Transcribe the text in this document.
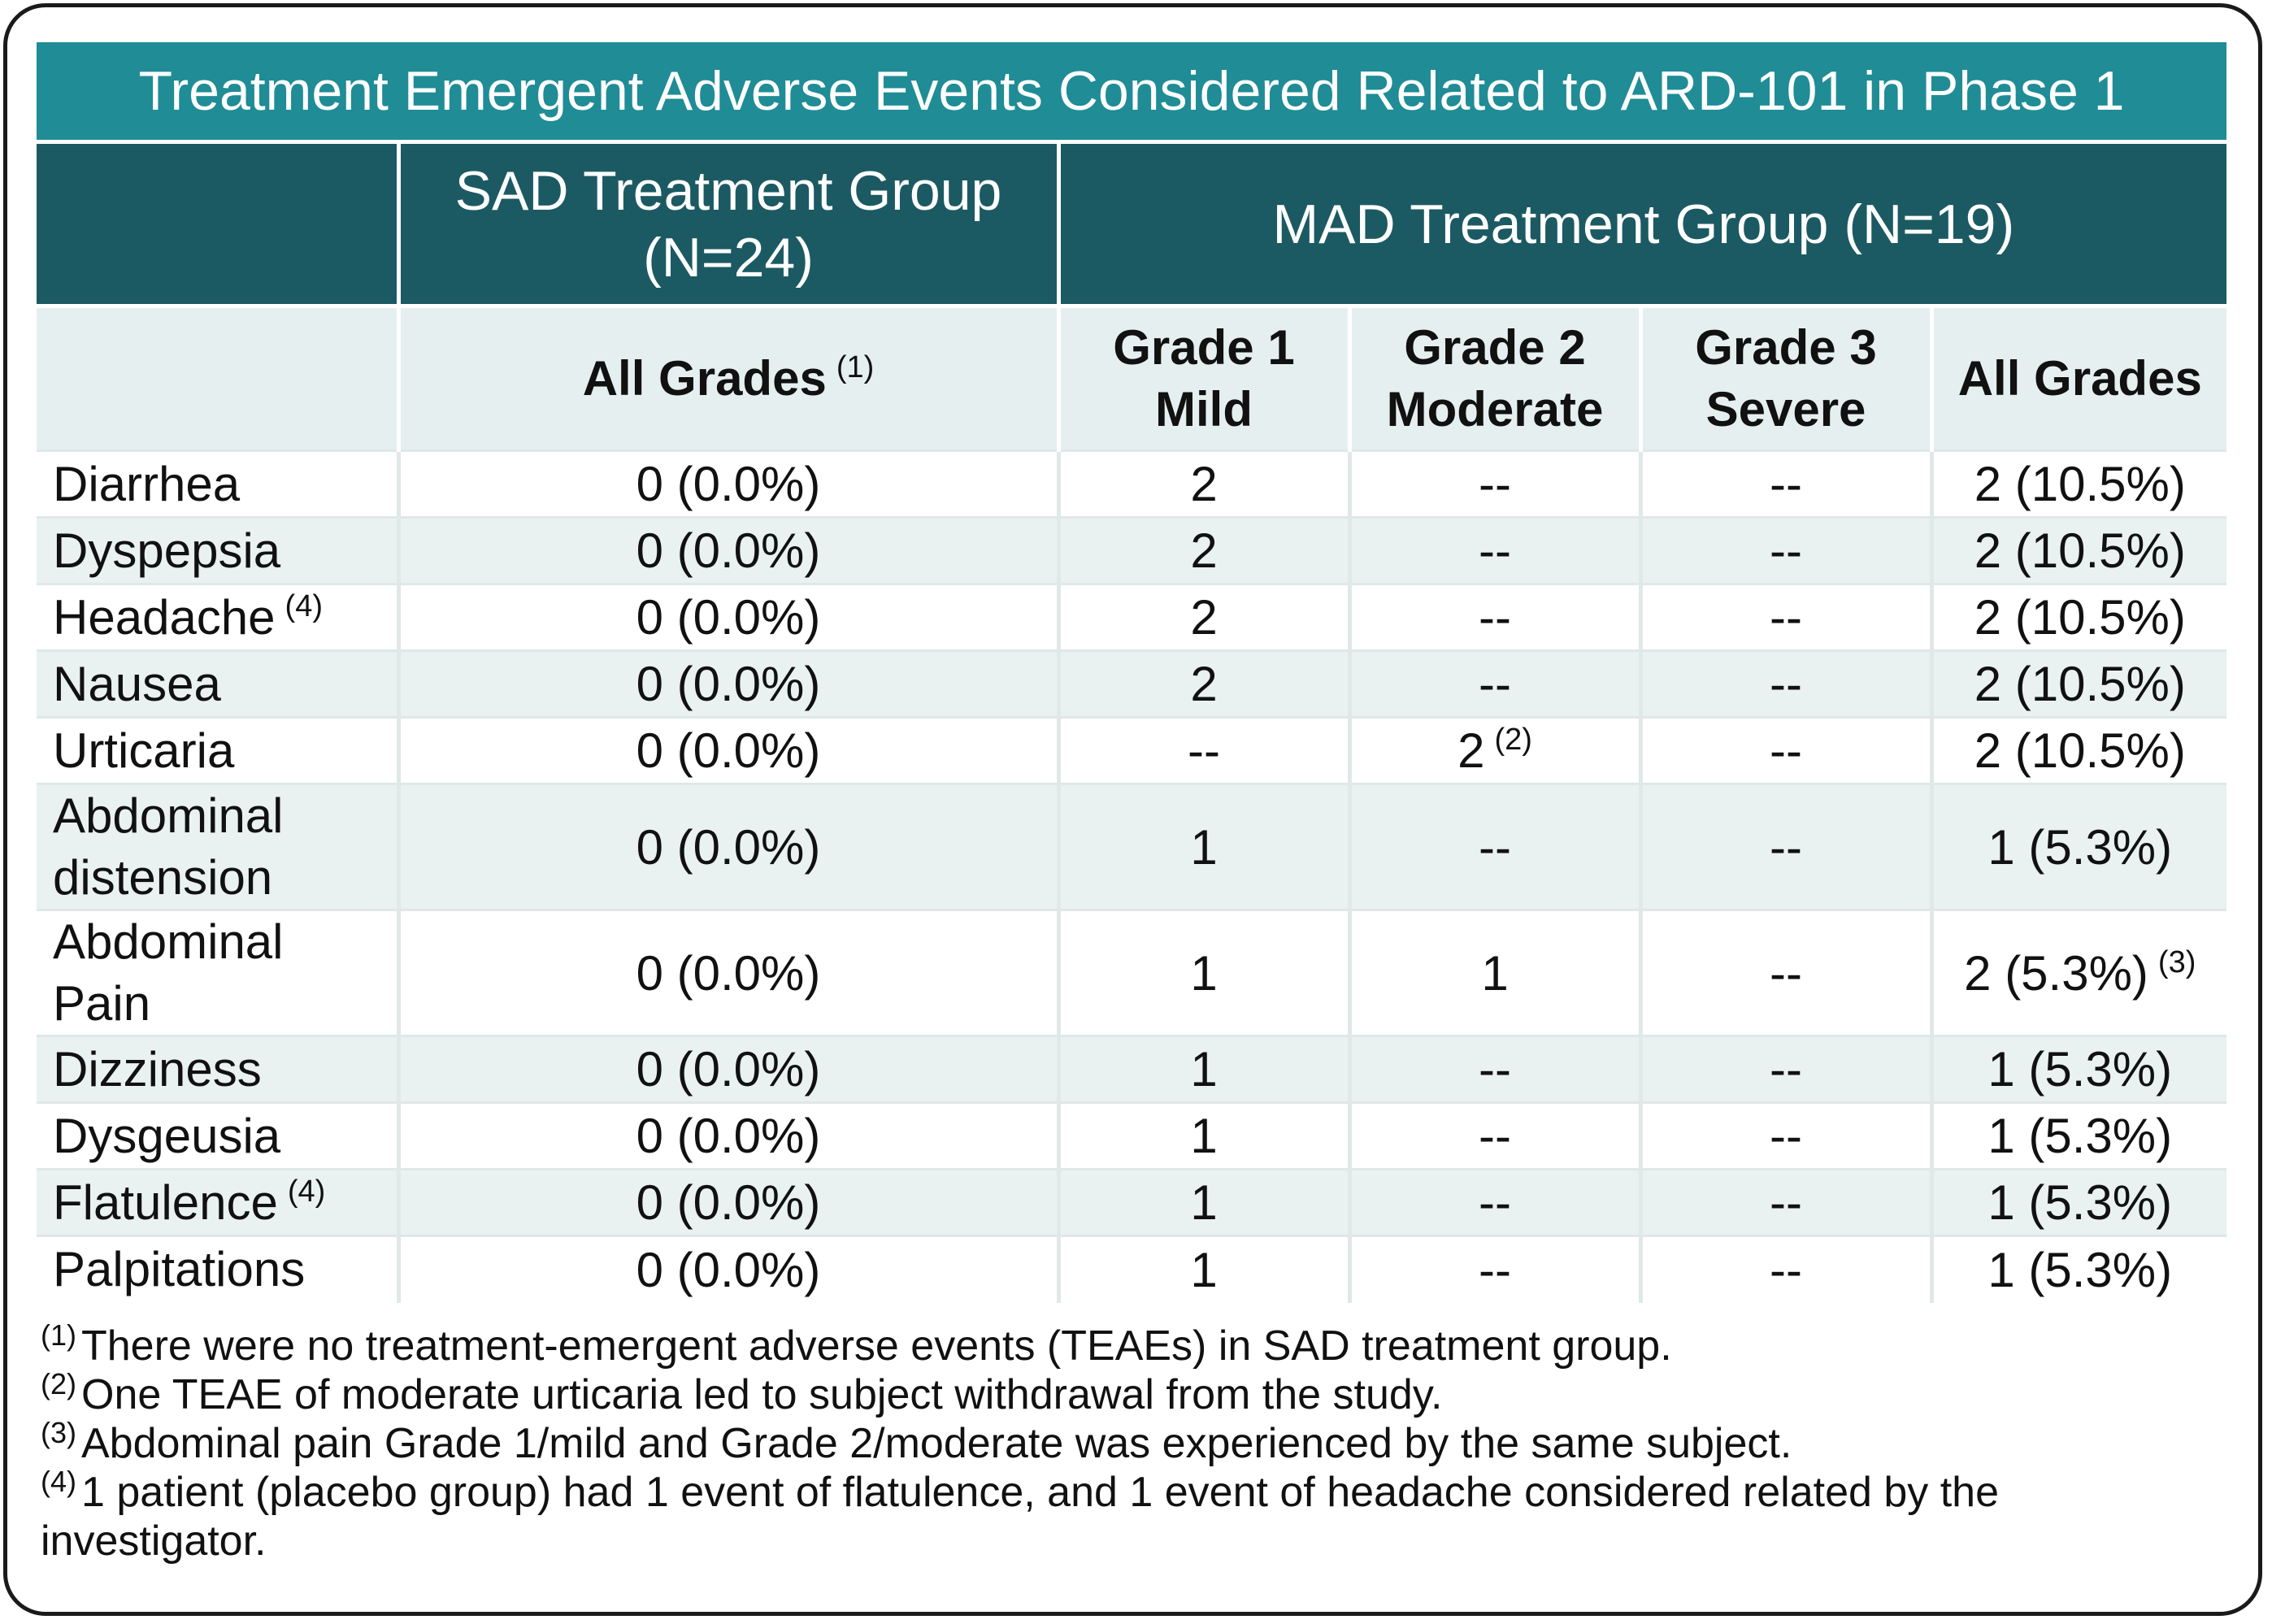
Treatment Emergent Adverse Events Considered Related to ARD-101 in Phase 1
	SAD Treatment Group (N=24)	MAD Treatment Group (N=19)			
	All Grades $^{(1)}$	Grade 1 Mild	Grade 2 Moderate	Grade 3 Severe	All Grades
Diarrhea	0 (0.0%)	2	--	--	2 (10.5%)
Dyspepsia	0 (0.0%)	2	--	--	2 (10.5%)
Headache $^{(4)}$	0 (0.0%)	2	--	--	2 (10.5%)
Nausea	0 (0.0%)	2	--	--	2 (10.5%)
Urticaria	0 (0.0%)	--	2 $^{(2)}$	--	2 (10.5%)
Abdominal distension	0 (0.0%)	1	--	--	1 (5.3%)
Abdominal Pain	0 (0.0%)	1	1	--	2 (5.3%) $^{(3)}$
Dizziness	0 (0.0%)	1	--	--	1 (5.3%)
Dysgeusia	0 (0.0%)	1	--	--	1 (5.3%)
Flatulence $^{(4)}$	0 (0.0%)	1	--	--	1 (5.3%)
Palpitations	0 (0.0%)	1	--	--	1 (5.3%)
$^{(1)}$ There were no treatment-emergent adverse events (TEAEs) in SAD treatment group.
$^{(2)}$ One TEAE of moderate urticaria led to subject withdrawal from the study.
$^{(3)}$ Abdominal pain Grade 1/mild and Grade 2/moderate was experienced by the same subject.
$^{(4)}$ 1 patient (placebo group) had 1 event of flatulence, and 1 event of headache considered related by the investigator.
